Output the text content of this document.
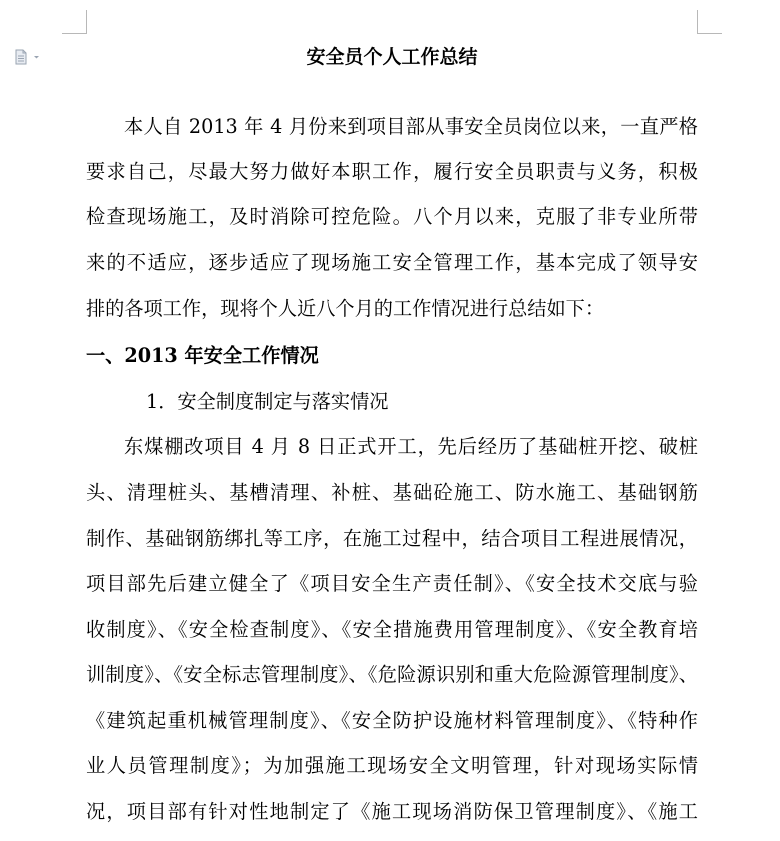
安全员个人工作总结
本人自 2013 年 4 月份来到项目部从事安全员岗位以来，一直严格
要求自己，尽最大努力做好本职工作，履行安全员职责与义务，积极
检查现场施工，及时消除可控危险。八个月以来，克服了非专业所带
来的不适应，逐步适应了现场施工安全管理工作，基本完成了领导安
排的各项工作，现将个人近八个月的工作情况进行总结如下：
一、2013 年安全工作情况
1．安全制度制定与落实情况
东煤棚改项目 4 月 8 日正式开工，先后经历了基础桩开挖、破桩
头、清理桩头、基槽清理、补桩、基础砼施工、防水施工、基础钢筋
制作、基础钢筋绑扎等工序，在施工过程中，结合项目工程进展情况，
项目部先后建立健全了《项目安全生产责任制》、《安全技术交底与验
收制度》、《安全检查制度》、《安全措施费用管理制度》、《安全教育培
训制度》、《安全标志管理制度》、《危险源识别和重大危险源管理制度》、
《建筑起重机械管理制度》、《安全防护设施材料管理制度》、《特种作
业人员管理制度》；为加强施工现场安全文明管理，针对现场实际情
况，项目部有针对性地制定了《施工现场消防保卫管理制度》、《施工
